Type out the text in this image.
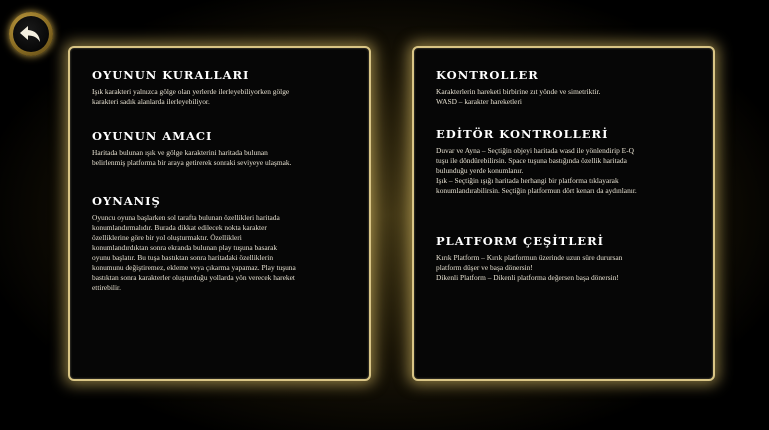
OYUNUN KURALLARI

Işık karakteri yalnızca gölge olan yerlerde ilerleyebiliyorken gölge
karakteri sadık alanlarda ilerleyebiliyor.

OYUNUN AMACI

Haritada bulunan ışık ve gölge karakterini haritada bulunan
belirlenmiş platforma bir araya getirerek sonraki seviyeye ulaşmak.

OYNANIŞ

Oyuncu oyuna başlarken sol tarafta bulunan özellikleri haritada
konumlandırmalıdır. Burada dikkat edilecek nokta karakter
özelliklerine göre bir yol oluşturmaktır. Özellikleri
konumlandırdıktan sonra ekranda bulunan play tuşuna basarak
oyunu başlatır. Bu tuşa bastıktan sonra haritadaki özelliklerin
konumunu değiştiremez, ekleme veya çıkarma yapamaz. Play tuşuna
bastıktan sonra karakterler oluşturduğu yollarda yön verecek hareket
ettirebilir.

KONTROLLER

Karakterlerin hareketi birbirine zıt yönde ve simetriktir.
WASD – karakter hareketleri

EDİTÖR KONTROLLERİ

Duvar ve Ayna – Seçtiğin objeyi haritada wasd ile yönlendirip E-Q
tuşu ile döndürebilirsin. Space tuşuna bastığında özellik haritada
bulunduğu yerde konumlanır.
Işık – Seçtiğin ışığı haritada herhangi bir platforma tıklayarak
konumlandırabilirsin. Seçtiğin platformun dört kenarı da aydınlanır.

PLATFORM ÇEŞİTLERİ

Kırık Platform – Kırık platformun üzerinde uzun süre durursan
platform düşer ve başa dönersin!
Dikenli Platform – Dikenli platforma değersen başa dönersin!
